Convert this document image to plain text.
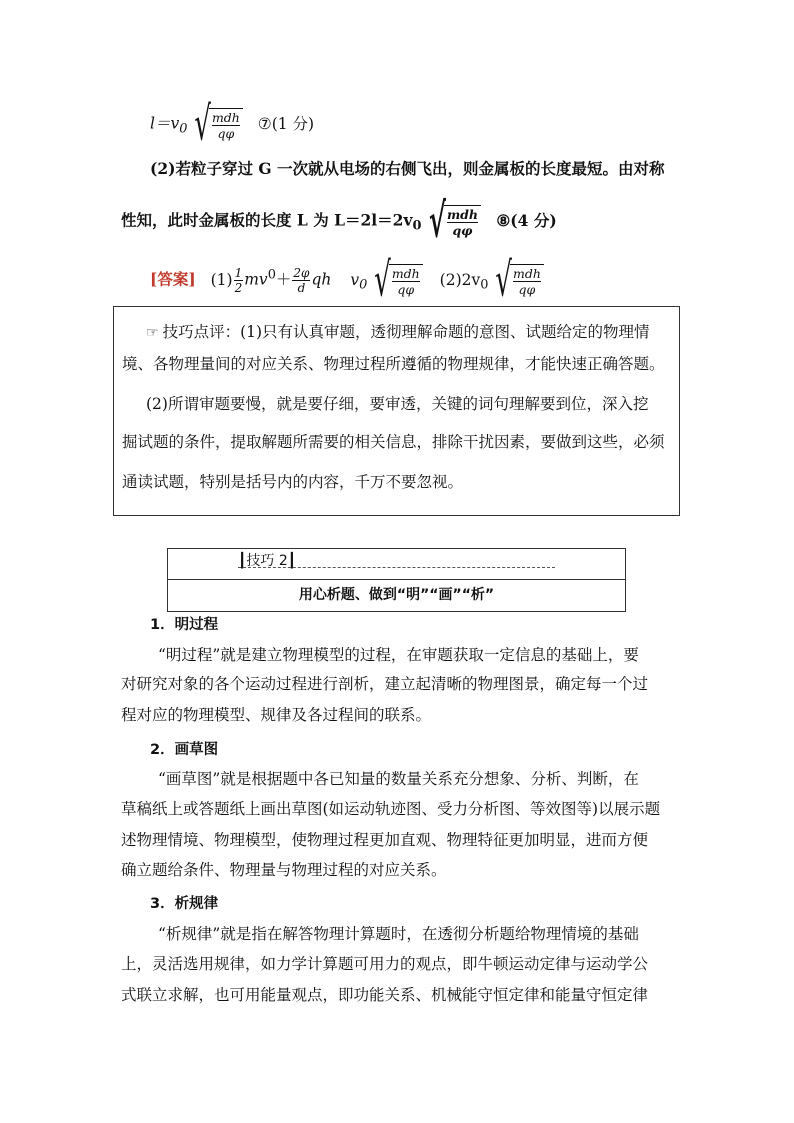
$l=v_0$ √
$\frac{\text{mdh}}{q\varphi}$ ⑦(1 分)
(2)若粒子穿过 G 一次就从电场的右侧飞出，则金属板的长度最短。由对称
性知，此时金属板的长度 L 为 $L=2l=2v_0$ √
$\frac{\text{mdh}}{q\varphi}$ ⑧(4 分)
[答案] $(1) \frac{1}{2} mv^0+ \frac{2\varphi}{d}$ qh $v_0$ √
$\frac{\text{mdh}}{q\varphi} (2)2v_0$ √
$\frac{\text{mdh}}{q\varphi}$
☞ 技巧点评：(1)只有认真审题，透彻理解命题的意图、试题给定的物理情
境、各物理量间的对应关系、物理过程所遵循的物理规律，才能快速正确答题。
(2)所谓审题要慢，就是要仔细，要审透，关键的词句理解要到位，深入挖
掘试题的条件，提取解题所需要的相关信息，排除干扰因素，要做到这些，必须
通读试题，特别是括号内的内容，千万不要忽视。
┃技巧 2┃
用心析题、做到“明”“画”“析”
1．明过程
“明过程”就是建立物理模型的过程，在审题获取一定信息的基础上，要
对研究对象的各个运动过程进行剖析，建立起清晰的物理图景，确定每一个过
程对应的物理模型、规律及各过程间的联系。
2．画草图
“画草图”就是根据题中各已知量的数量关系充分想象、分析、判断，在
草稿纸上或答题纸上画出草图(如运动轨迹图、受力分析图、等效图等)以展示题
述物理情境、物理模型，使物理过程更加直观、物理特征更加明显，进而方便
确立题给条件、物理量与物理过程的对应关系。
3．析规律
“析规律”就是指在解答物理计算题时，在透彻分析题给物理情境的基础
上，灵活选用规律，如力学计算题可用力的观点，即牛顿运动定律与运动学公
式联立求解，也可用能量观点，即功能关系、机械能守恒定律和能量守恒定律
